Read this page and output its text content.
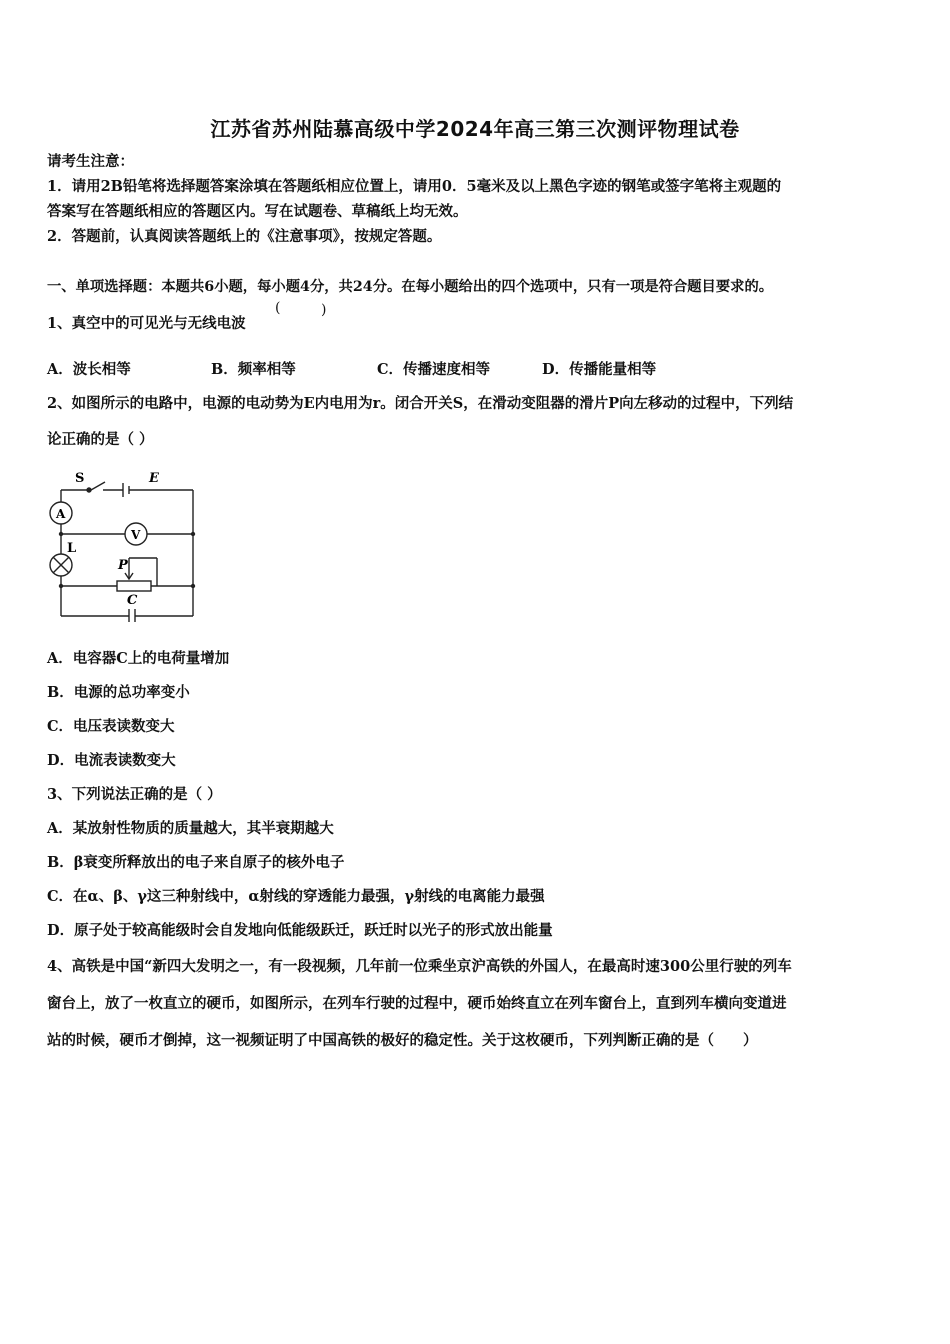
江苏省苏州陆慕高级中学2024年高三第三次测评物理试卷
请考生注意：
1．请用2B铅笔将选择题答案涂填在答题纸相应位置上，请用0．5毫米及以上黑色字迹的钢笔或签字笔将主观题的
答案写在答题纸相应的答题区内。写在试题卷、草稿纸上均无效。
2．答题前，认真阅读答题纸上的《注意事项》，按规定答题。
一、单项选择题：本题共6小题，每小题4分，共24分。在每小题给出的四个选项中，只有一项是符合题目要求的。
1、真空中的可见光与无线电波
(	)
A．波长相等	B．频率相等	C．传播速度相等	D．传播能量相等
2、如图所示的电路中，电源的电动势为E内电用为r。闭合开关S，在滑动变阻器的滑片P向左移动的过程中，下列结
论正确的是（ ）
S	E
A
V
L
P
C
A．电容器C上的电荷量增加
B．电源的总功率变小
C．电压表读数变大
D．电流表读数变大
3、下列说法正确的是（ ）
A．某放射性物质的质量越大，其半衰期越大
B．β衰变所释放出的电子来自原子的核外电子
C．在α、β、γ这三种射线中，α射线的穿透能力最强，γ射线的电离能力最强
D．原子处于较高能级时会自发地向低能级跃迁，跃迁时以光子的形式放出能量
4、高铁是中国“新四大发明之一，有一段视频，几年前一位乘坐京沪高铁的外国人，在最高时速300公里行驶的列车
窗台上，放了一枚直立的硬币，如图所示，在列车行驶的过程中，硬币始终直立在列车窗台上，直到列车横向变道进
站的时候，硬币才倒掉，这一视频证明了中国高铁的极好的稳定性。关于这枚硬币，下列判断正确的是（　　）
